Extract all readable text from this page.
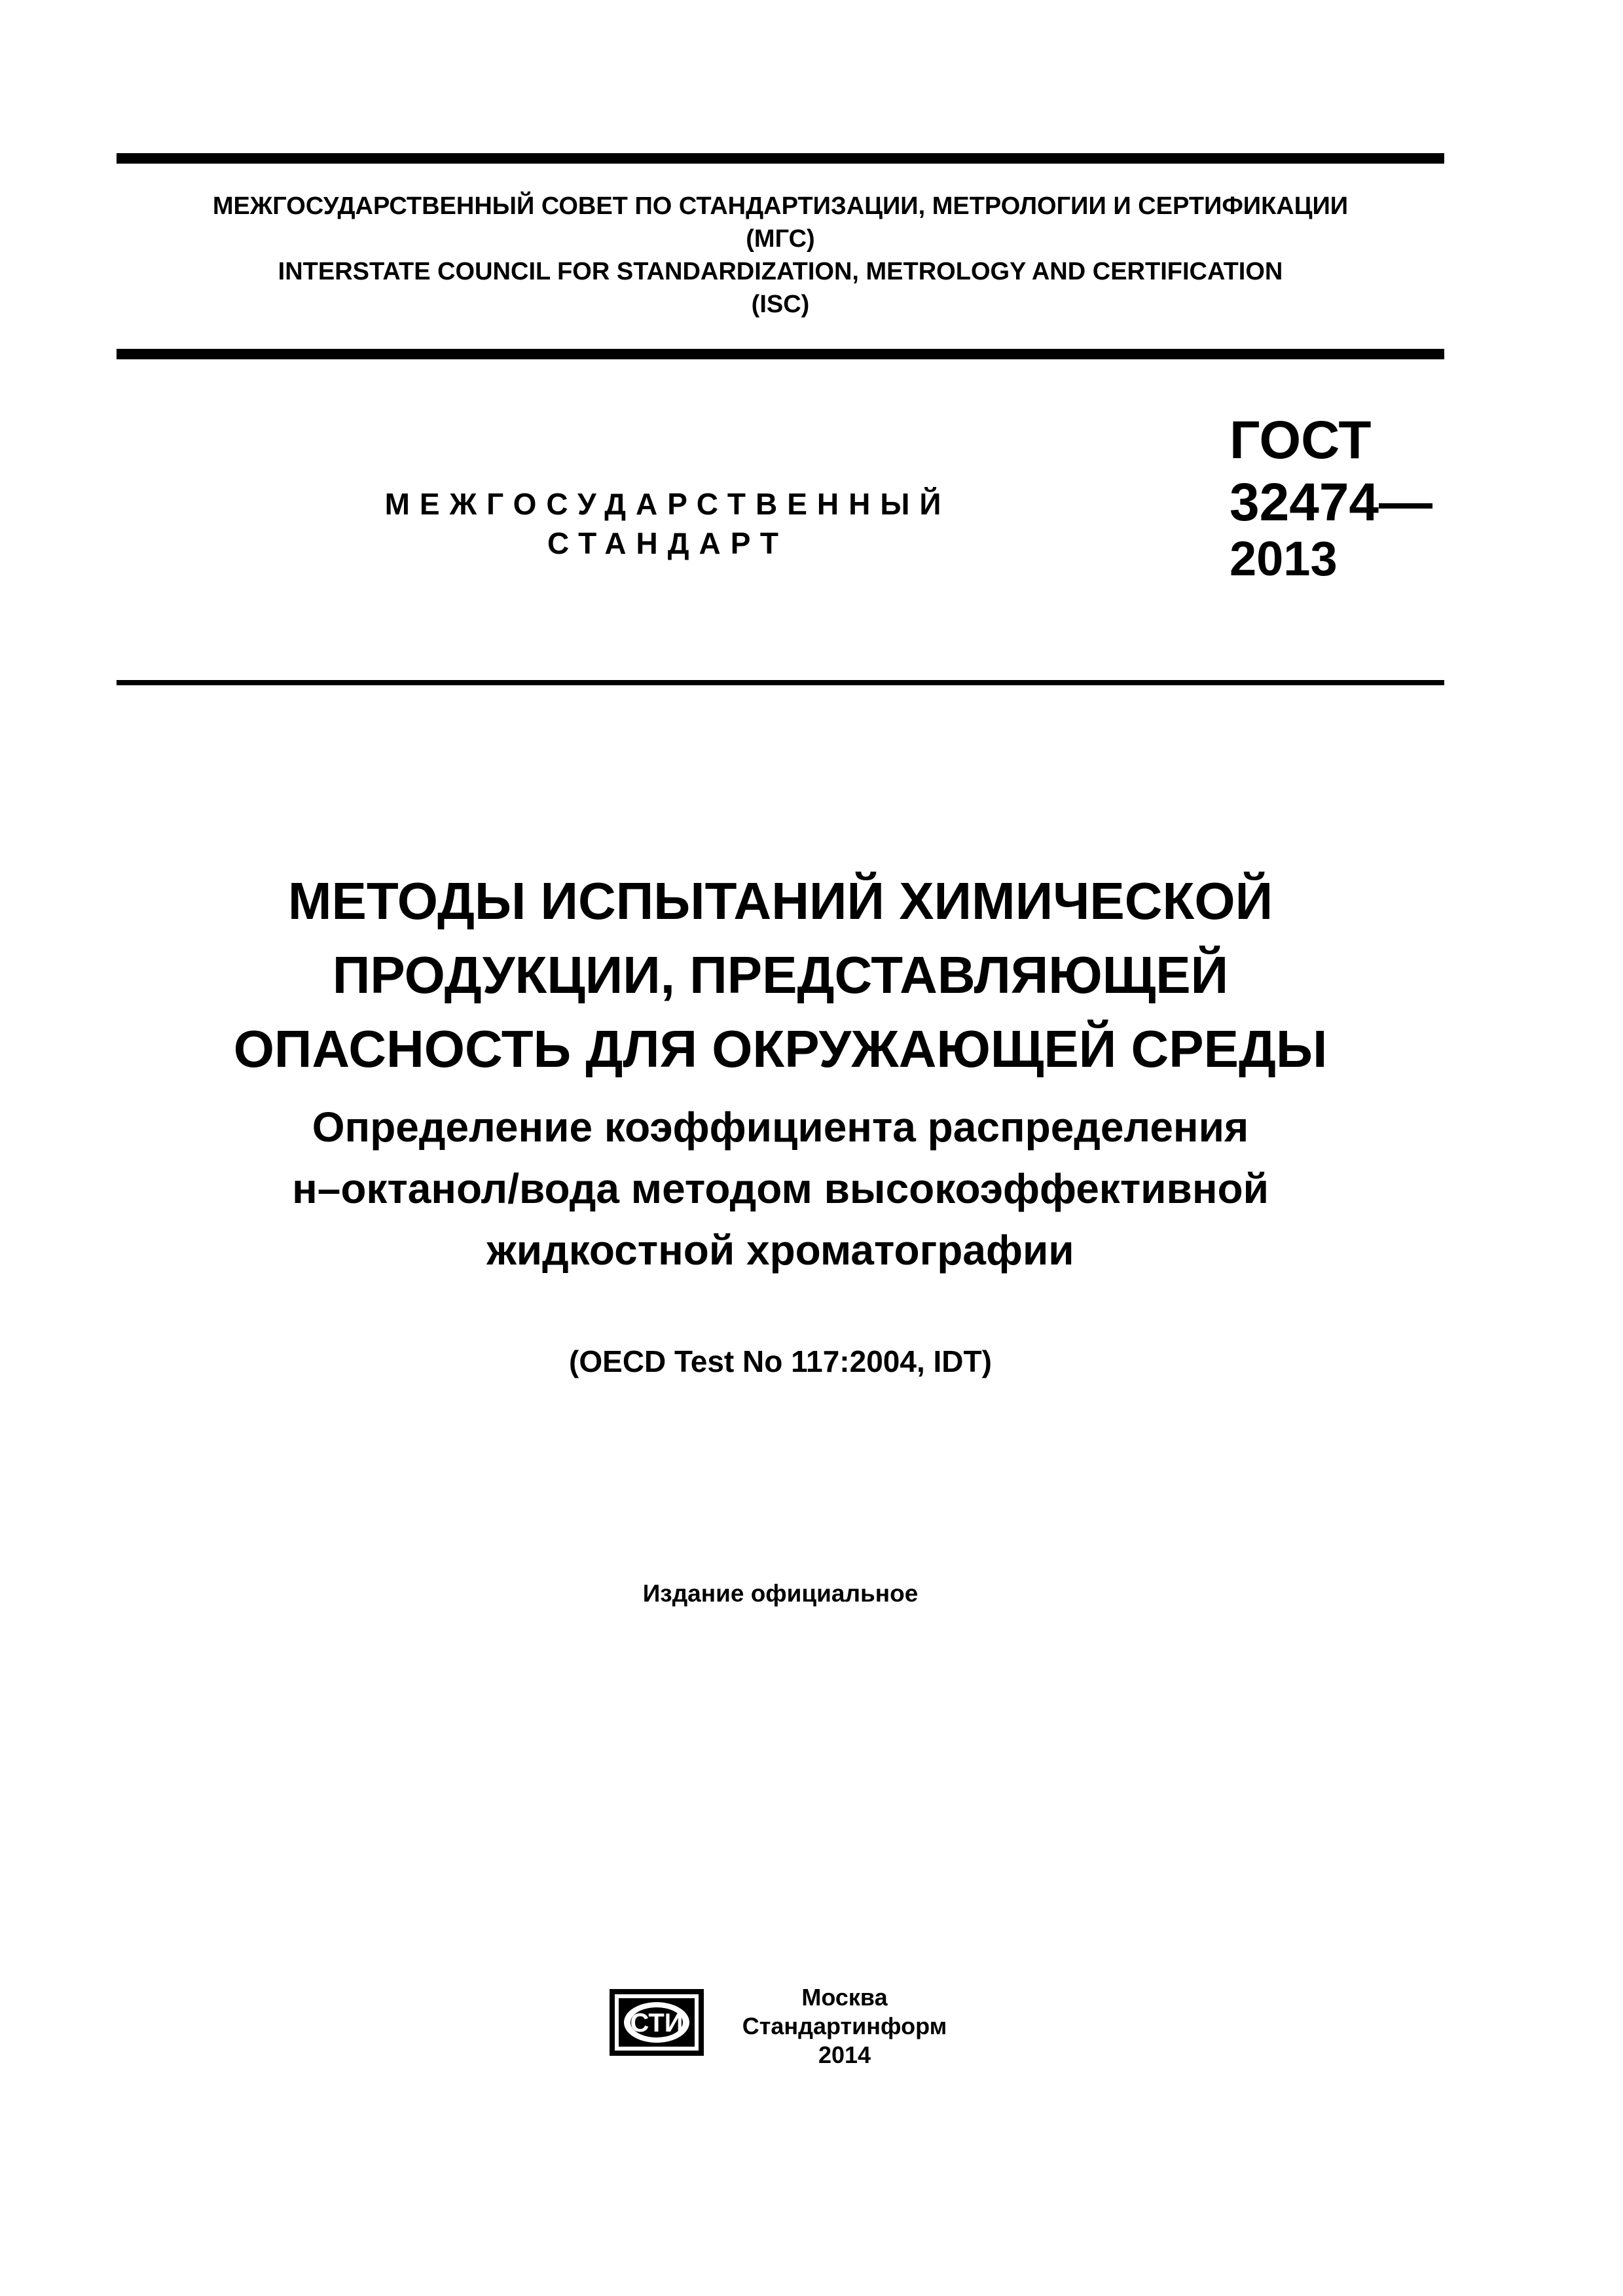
МЕЖГОСУДАРСТВЕННЫЙ СОВЕТ ПО СТАНДАРТИЗАЦИИ, МЕТРОЛОГИИ И СЕРТИФИКАЦИИ
(МГС)
INTERSTATE COUNCIL FOR STANDARDIZATION, METROLOGY AND CERTIFICATION
(ISC)
МЕЖГОСУДАРСТВЕННЫЙ
СТАНДАРТ
ГОСТ
32474—
2013
МЕТОДЫ ИСПЫТАНИЙ ХИМИЧЕСКОЙ
ПРОДУКЦИИ, ПРЕДСТАВЛЯЮЩЕЙ
ОПАСНОСТЬ ДЛЯ ОКРУЖАЮЩЕЙ СРЕДЫ
Определение коэффициента распределения
н–октанол/вода методом высокоэффективной
жидкостной хроматографии
(OECD Test No 117:2004, IDT)
Издание официальное
СТИ
Москва
Стандартинформ
2014
